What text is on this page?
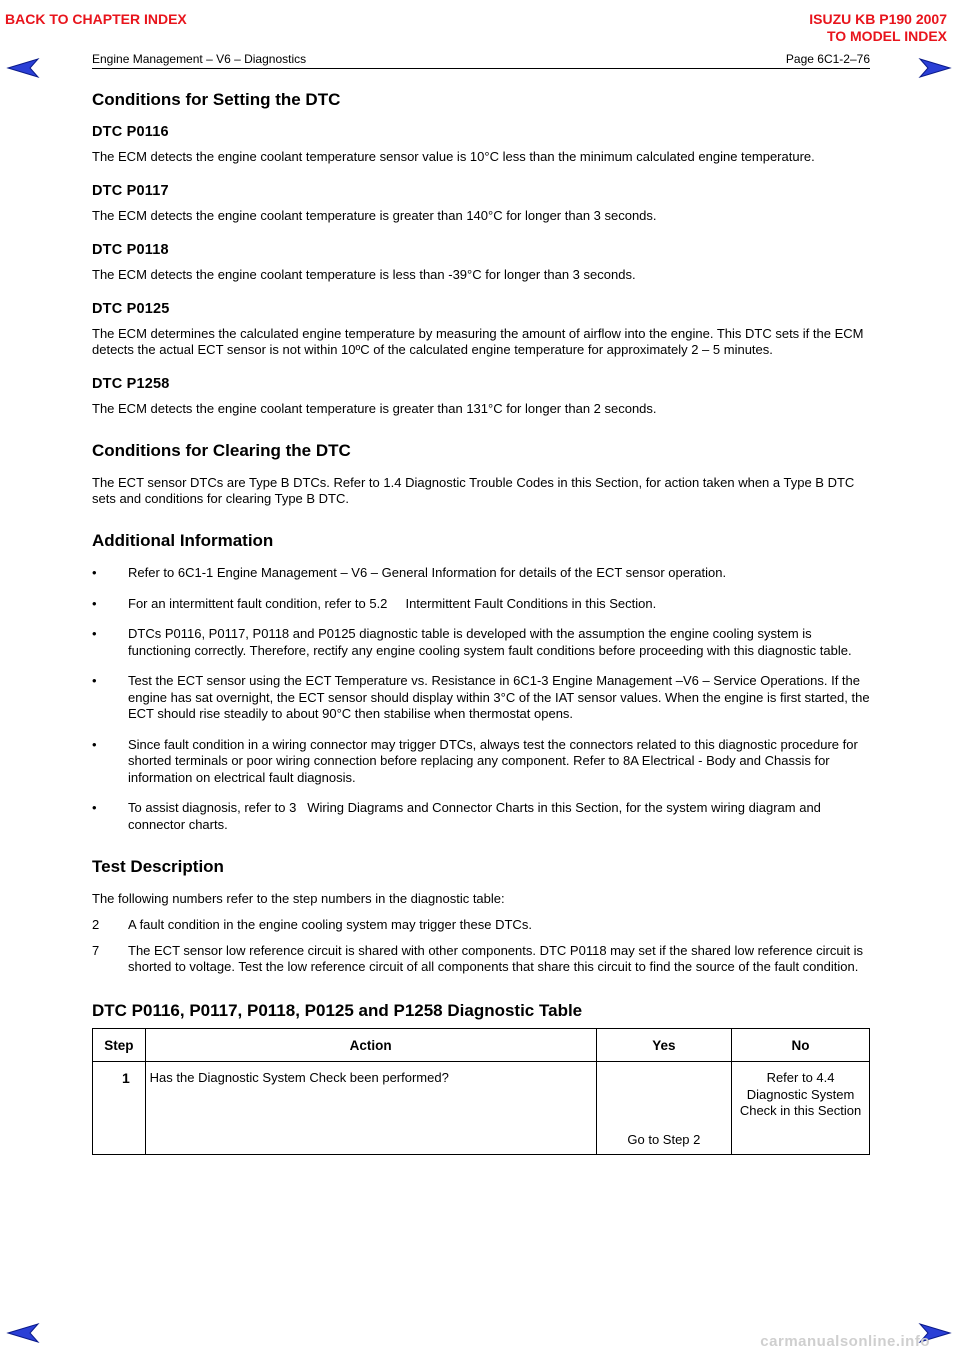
BACK TO CHAPTER INDEX	ISUZU KB P190 2007
TO MODEL INDEX
Engine Management – V6 – Diagnostics	Page 6C1-2–76
Conditions for Setting the DTC
DTC P0116

The ECM detects the engine coolant temperature sensor value is 10°C less than the minimum calculated engine temperature.

DTC P0117

The ECM detects the engine coolant temperature is greater than 140°C for longer than 3 seconds.

DTC P0118

The ECM detects the engine coolant temperature is less than -39°C for longer than 3 seconds.

DTC P0125

The ECM determines the calculated engine temperature by measuring the amount of airflow into the engine. This DTC sets if the ECM detects the actual ECT sensor is not within 10ºC of the calculated engine temperature for approximately 2 – 5 minutes.

DTC P1258

The ECM detects the engine coolant temperature is greater than 131°C for longer than 2 seconds.

Conditions for Clearing the DTC

The ECT sensor DTCs are Type B DTCs. Refer to 1.4 Diagnostic Trouble Codes in this Section, for action taken when a Type B DTC sets and conditions for clearing Type B DTC.

Additional Information
• Refer to 6C1-1 Engine Management – V6 – General Information for details of the ECT sensor operation.
• For an intermittent fault condition, refer to 5.2     Intermittent Fault Conditions in this Section.
• DTCs P0116, P0117, P0118 and P0125 diagnostic table is developed with the assumption the engine cooling system is functioning correctly. Therefore, rectify any engine cooling system fault conditions before proceeding with this diagnostic table.
• Test the ECT sensor using the ECT Temperature vs. Resistance in 6C1-3 Engine Management –V6 – Service Operations. If the engine has sat overnight, the ECT sensor should display within 3°C of the IAT sensor values. When the engine is first started, the ECT should rise steadily to about 90°C then stabilise when thermostat opens.
• Since fault condition in a wiring connector may trigger DTCs, always test the connectors related to this diagnostic procedure for shorted terminals or poor wiring connection before replacing any component. Refer to 8A Electrical - Body and Chassis for information on electrical fault diagnosis.
• To assist diagnosis, refer to 3   Wiring Diagrams and Connector Charts in this Section, for the system wiring diagram and connector charts.
Test Description

The following numbers refer to the step numbers in the diagnostic table:

2 A fault condition in the engine cooling system may trigger these DTCs.
7 The ECT sensor low reference circuit is shared with other components. DTC P0118 may set if the shared low reference circuit is shorted to voltage. Test the low reference circuit of all components that share this circuit to find the source of the fault condition.
DTC P0116, P0117, P0118, P0125 and P1258 Diagnostic Table
Step	Action	Yes	No
1	Has the Diagnostic System Check been performed?	Go to Step 2	Refer to 4.4    Diagnostic System Check in this Section
carmanualsonline.info
